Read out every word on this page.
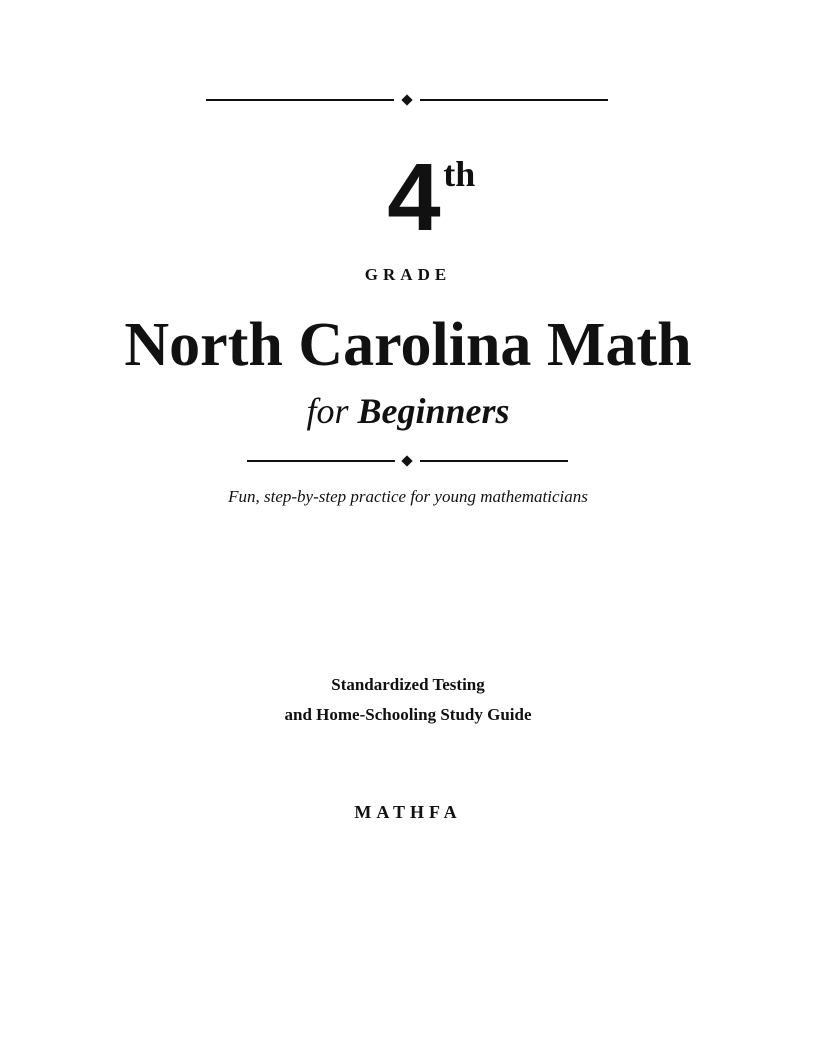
4 th
GRADE
North Carolina Math
for Beginners
Fun, step-by-step practice for young mathematicians
Standardized Testing
and Home-Schooling Study Guide
MATHFA
